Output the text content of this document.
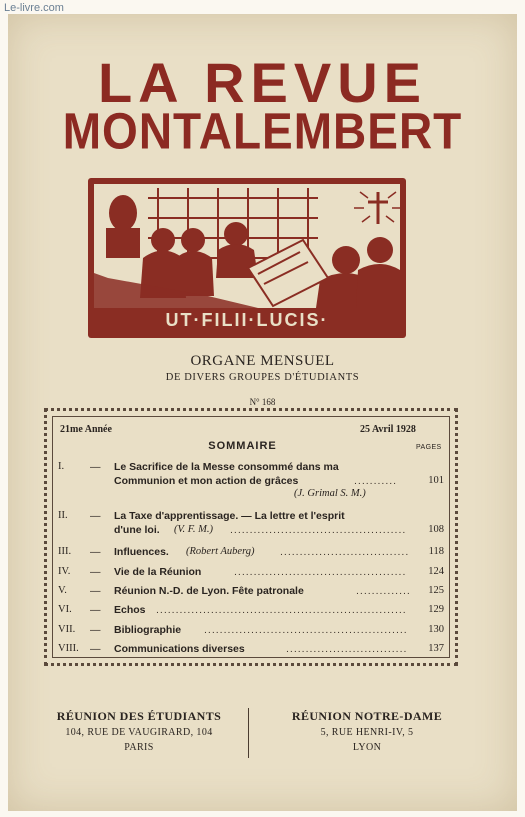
Le-livre.com
LA REVUE
MONTALEMBERT
UT·FILII·LUCIS·
ORGANE MENSUEL
DE DIVERS GROUPES D'ÉTUDIANTS
N° 168
21me Année	25 Avril 1928
SOMMAIRE	PAGES
I. — Le Sacrifice de la Messe consommé dans ma
Communion et mon action de grâces	...........	101
(J. Grimal S. M.)
II. — La Taxe d'apprentissage. — La lettre et l'esprit
d'une loi. (V. F. M.) .............................................	108
III. — Influences. (Robert Auberg) ................................. 118
IV. — Vie de la Réunion	............................................	124
V. — Réunion N.-D. de Lyon. Fête patronale	.............. 125
VI. — Echos ................................................................	129
VII. — Bibliographie ....................................................	130
VIII. — Communications diverses	...............................	137
RÉUNION DES ÉTUDIANTS
104, RUE DE VAUGIRARD, 104
PARIS
RÉUNION NOTRE-DAME
5, RUE HENRI-IV, 5
LYON
